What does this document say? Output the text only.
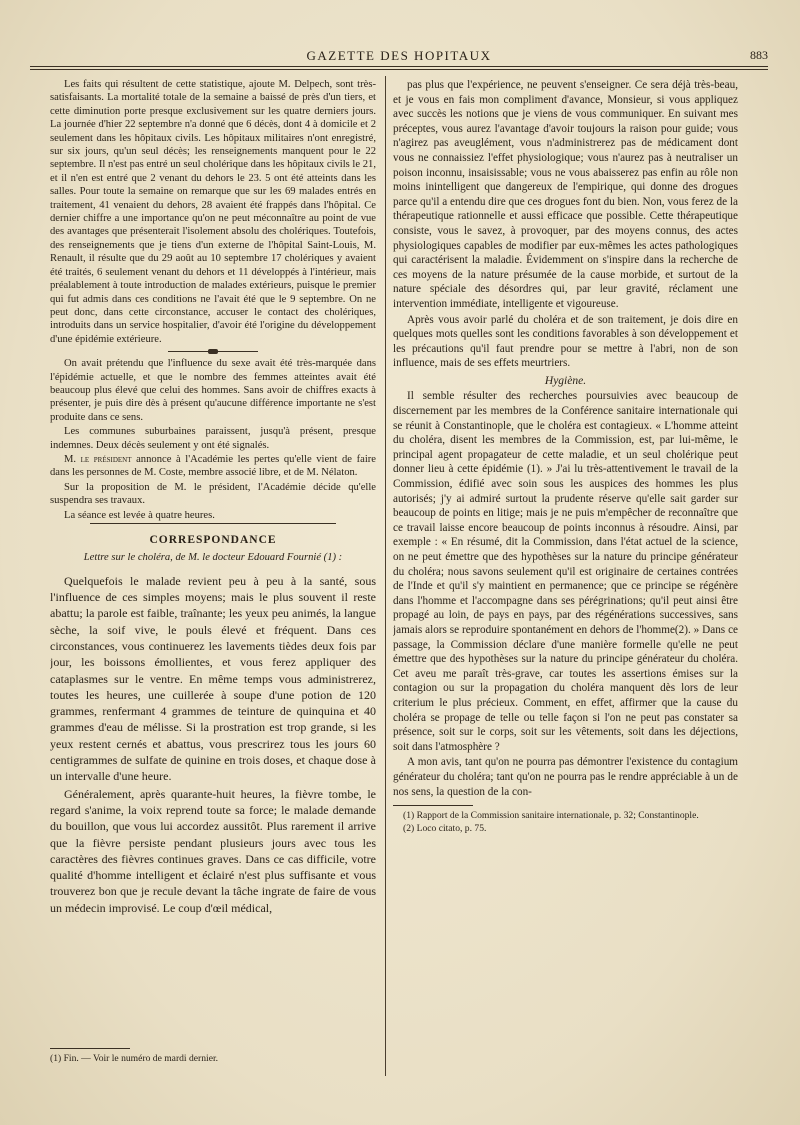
GAZETTE DES HOPITAUX	883

Les faits qui résultent de cette statistique, ajoute M. Delpech, sont très-satisfaisants. La mortalité totale de la semaine a baissé de près d'un tiers, et cette diminution porte presque exclusivement sur les quatre derniers jours. La journée d'hier 22 septembre n'a donné que 6 décès, dont 4 à domicile et 2 seulement dans les hôpitaux civils. Les hôpitaux militaires n'ont enregistré, sur six jours, qu'un seul décès; les renseignements manquent pour le 22 septembre. Il n'est pas entré un seul cholérique dans les hôpitaux civils le 21, et il n'en est entré que 2 venant du dehors le 23. 5 ont été atteints dans les salles. Pour toute la semaine on remarque que sur les 69 malades entrés en traitement, 41 venaient du dehors, 28 avaient été frappés dans l'hôpital. Ce dernier chiffre a une importance qu'on ne peut méconnaître au point de vue des avantages que présenterait l'isolement absolu des cholériques. Toutefois, des renseignements que je tiens d'un externe de l'hôpital Saint-Louis, M. Renault, il résulte que du 29 août au 10 septembre 17 cholériques y avaient été traités, 6 seulement venant du dehors et 11 développés à l'intérieur, mais préalablement à toute introduction de malades extérieurs, puisque le premier qui fut admis dans ces conditions ne l'avait été que le 9 septembre. On ne peut donc, dans cette circonstance, accuser le contact des cholériques, introduits dans un service hospitalier, d'avoir été l'origine du développement d'une épidémie extérieure.

On avait prétendu que l'influence du sexe avait été très-marquée dans l'épidémie actuelle, et que le nombre des femmes atteintes avait été beaucoup plus élevé que celui des hommes. Sans avoir de chiffres exacts à présenter, je puis dire dès à présent qu'aucune différence importante ne s'est produite dans ce sens.

Les communes suburbaines paraissent, jusqu'à présent, presque indemnes. Deux décès seulement y ont été signalés.

M. le président annonce à l'Académie les pertes qu'elle vient de faire dans les personnes de M. Coste, membre associé libre, et de M. Nélaton.

Sur la proposition de M. le président, l'Académie décide qu'elle suspendra ses travaux.

La séance est levée à quatre heures.

CORRESPONDANCE
Lettre sur le choléra, de M. le docteur Edouard Fournié (1) :

Quelquefois le malade revient peu à peu à la santé, sous l'influence de ces simples moyens; mais le plus souvent il reste abattu; la parole est faible, traînante; les yeux peu animés, la langue sèche, la soif vive, le pouls élevé et fréquent. Dans ces circonstances, vous continuerez les lavements tièdes deux fois par jour, les boissons émollientes, et vous ferez appliquer des cataplasmes sur le ventre. En même temps vous administrerez, toutes les heures, une cuillerée à soupe d'une potion de 120 grammes, renfermant 4 grammes de teinture de quinquina et 40 grammes d'eau de mélisse. Si la prostration est trop grande, si les yeux restent cernés et abattus, vous prescrirez tous les jours 60 centigrammes de sulfate de quinine en trois doses, et chaque dose à un intervalle d'une heure.

Généralement, après quarante-huit heures, la fièvre tombe, le regard s'anime, la voix reprend toute sa force; le malade demande du bouillon, que vous lui accordez aussitôt. Plus rarement il arrive que la fièvre persiste pendant plusieurs jours avec tous les caractères des fièvres continues graves. Dans ce cas difficile, votre qualité d'homme intelligent et éclairé n'est plus suffisante et vous trouverez bon que je recule devant la tâche ingrate de faire de vous un médecin improvisé. Le coup d'œil médical,

(1) Fin. — Voir le numéro de mardi dernier.

pas plus que l'expérience, ne peuvent s'enseigner. Ce sera déjà très-beau, et je vous en fais mon compliment d'avance, Monsieur, si vous appliquez avec succès les notions que je viens de vous communiquer. En suivant mes préceptes, vous aurez l'avantage d'avoir toujours la raison pour guide; vous n'agirez pas aveuglément, vous n'administrerez pas de médicament dont vous ne connaissiez l'effet physiologique; vous n'aurez pas à neutraliser un poison inconnu, insaisissable; vous ne vous abaisserez pas enfin au rôle non moins inintelligent que dangereux de l'empirique, qui donne des drogues parce qu'il a entendu dire que ces drogues font du bien. Non, vous ferez de la thérapeutique rationnelle et aussi efficace que possible. Cette thérapeutique consiste, vous le savez, à provoquer, par des moyens connus, des actes physiologiques capables de modifier par eux-mêmes les actes pathologiques qui caractérisent la maladie. Évidemment on s'inspire dans la recherche de ces moyens de la nature présumée de la cause morbide, et surtout de la nature spéciale des désordres qui, par leur gravité, réclament une intervention immédiate, intelligente et vigoureuse.

Après vous avoir parlé du choléra et de son traitement, je dois dire en quelques mots quelles sont les conditions favorables à son développement et les précautions qu'il faut prendre pour se mettre à l'abri, non de son influence, mais de ses effets meurtriers.

Hygiène.

Il semble résulter des recherches poursuivies avec beaucoup de discernement par les membres de la Conférence sanitaire internationale qui se réunit à Constantinople, que le choléra est contagieux. « L'homme atteint du choléra, disent les membres de la Commission, est, par lui-même, le principal agent propagateur de cette maladie, et un seul cholérique peut donner lieu à cette épidémie (1). » J'ai lu très-attentivement le travail de la Commission, édifié avec soin sous les auspices des hommes les plus autorisés; j'y ai admiré surtout la prudente réserve qu'elle sait garder sur beaucoup de points en litige; mais je ne puis m'empêcher de reconnaître que ce travail laisse encore beaucoup de points inconnus à résoudre. Ainsi, par exemple : « En résumé, dit la Commission, dans l'état actuel de la science, on ne peut émettre que des hypothèses sur la nature du principe générateur du choléra; nous savons seulement qu'il est originaire de certaines contrées de l'Inde et qu'il s'y maintient en permanence; que ce principe se régénère dans l'homme et l'accompagne dans ses pérégrinations; qu'il peut ainsi être propagé au loin, de pays en pays, par des régénérations successives, sans jamais alors se reproduire spontanément en dehors de l'homme(2). » Dans ce passage, la Commission déclare d'une manière formelle qu'elle ne peut émettre que des hypothèses sur la nature du principe générateur du choléra. Cet aveu me paraît très-grave, car toutes les assertions émises sur la contagion ou sur la propagation du choléra manquent dès lors de leur criterium le plus précieux. Comment, en effet, affirmer que la cause du choléra se propage de telle ou telle façon si l'on ne peut pas constater sa présence, soit sur le corps, soit sur les vêtements, soit dans les déjections, soit dans l'atmosphère ?

A mon avis, tant qu'on ne pourra pas démontrer l'existence du contagium générateur du choléra; tant qu'on ne pourra pas le rendre appréciable à un de nos sens, la question de la con-

(1) Rapport de la Commission sanitaire internationale, p. 32; Constantinople.

(2) Loco citato, p. 75.
